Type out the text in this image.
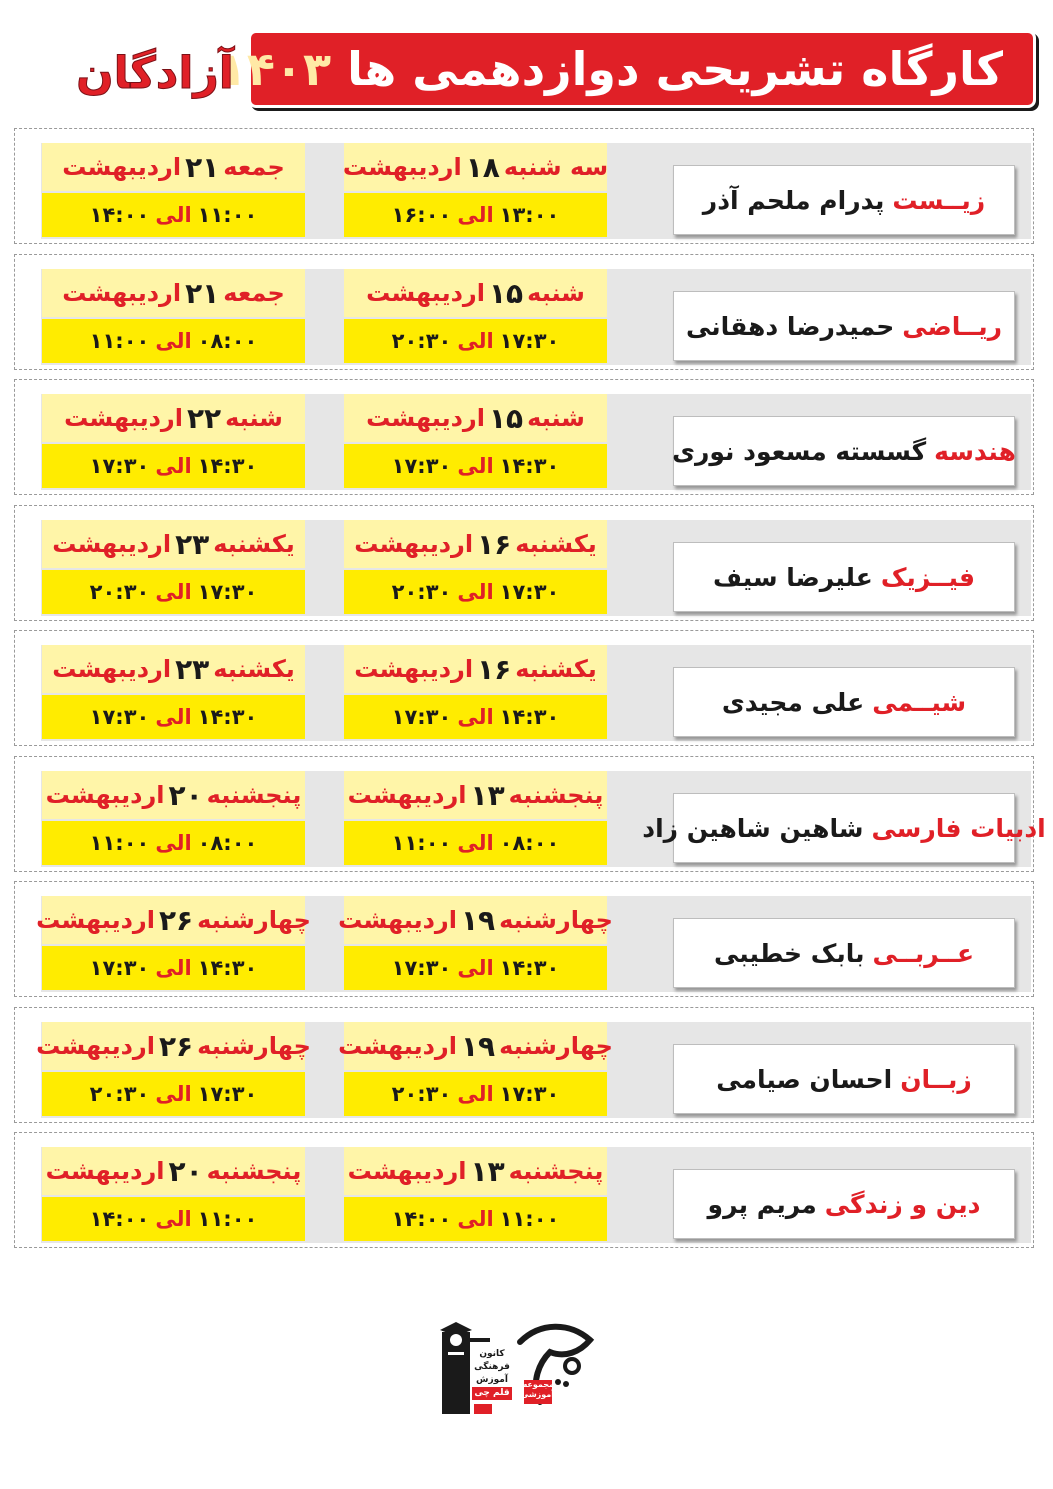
کارگاه تشریحی دوازدهمی ها ۱۴۰۳
آزادگان
زیــست
پدرام ملحم آذر
سه شنبه
۱۸
اردیبهشت
۱۳:۰۰
الی
۱۶:۰۰
جمعه
۲۱
اردیبهشت
۱۱:۰۰
الی
۱۴:۰۰
ریــاضی
حمیدرضا دهقانی
شنبه
۱۵
اردیبهشت
۱۷:۳۰
الی
۲۰:۳۰
جمعه
۲۱
اردیبهشت
۰۸:۰۰
الی
۱۱:۰۰
هندسه
گسسته مسعود نوری
شنبه
۱۵
اردیبهشت
۱۴:۳۰
الی
۱۷:۳۰
شنبه
۲۲
اردیبهشت
۱۴:۳۰
الی
۱۷:۳۰
فیــزیک
علیرضا سیف
یکشنبه
۱۶
اردیبهشت
۱۷:۳۰
الی
۲۰:۳۰
یکشنبه
۲۳
اردیبهشت
۱۷:۳۰
الی
۲۰:۳۰
شیــمی
علی مجیدی
یکشنبه
۱۶
اردیبهشت
۱۴:۳۰
الی
۱۷:۳۰
یکشنبه
۲۳
اردیبهشت
۱۴:۳۰
الی
۱۷:۳۰
ادبیات فارسی
شاهین شاهین زاد
پنجشنبه
۱۳
اردیبهشت
۰۸:۰۰
الی
۱۱:۰۰
پنجشنبه
۲۰
اردیبهشت
۰۸:۰۰
الی
۱۱:۰۰
عــربــی
بابک خطیبی
چهارشنبه
۱۹
اردیبهشت
۱۴:۳۰
الی
۱۷:۳۰
چهارشنبه
۲۶
اردیبهشت
۱۴:۳۰
الی
۱۷:۳۰
زبــان
احسان صیامی
چهارشنبه
۱۹
اردیبهشت
۱۷:۳۰
الی
۲۰:۳۰
چهارشنبه
۲۶
اردیبهشت
۱۷:۳۰
الی
۲۰:۳۰
دین و زندگی
مریم پرو
پنجشنبه
۱۳
اردیبهشت
۱۱:۰۰
الی
۱۴:۰۰
پنجشنبه
۲۰
اردیبهشت
۱۱:۰۰
الی
۱۴:۰۰
کانون
فرهنگی
آموزش
قلم چی
مجموعه
آموزشی
